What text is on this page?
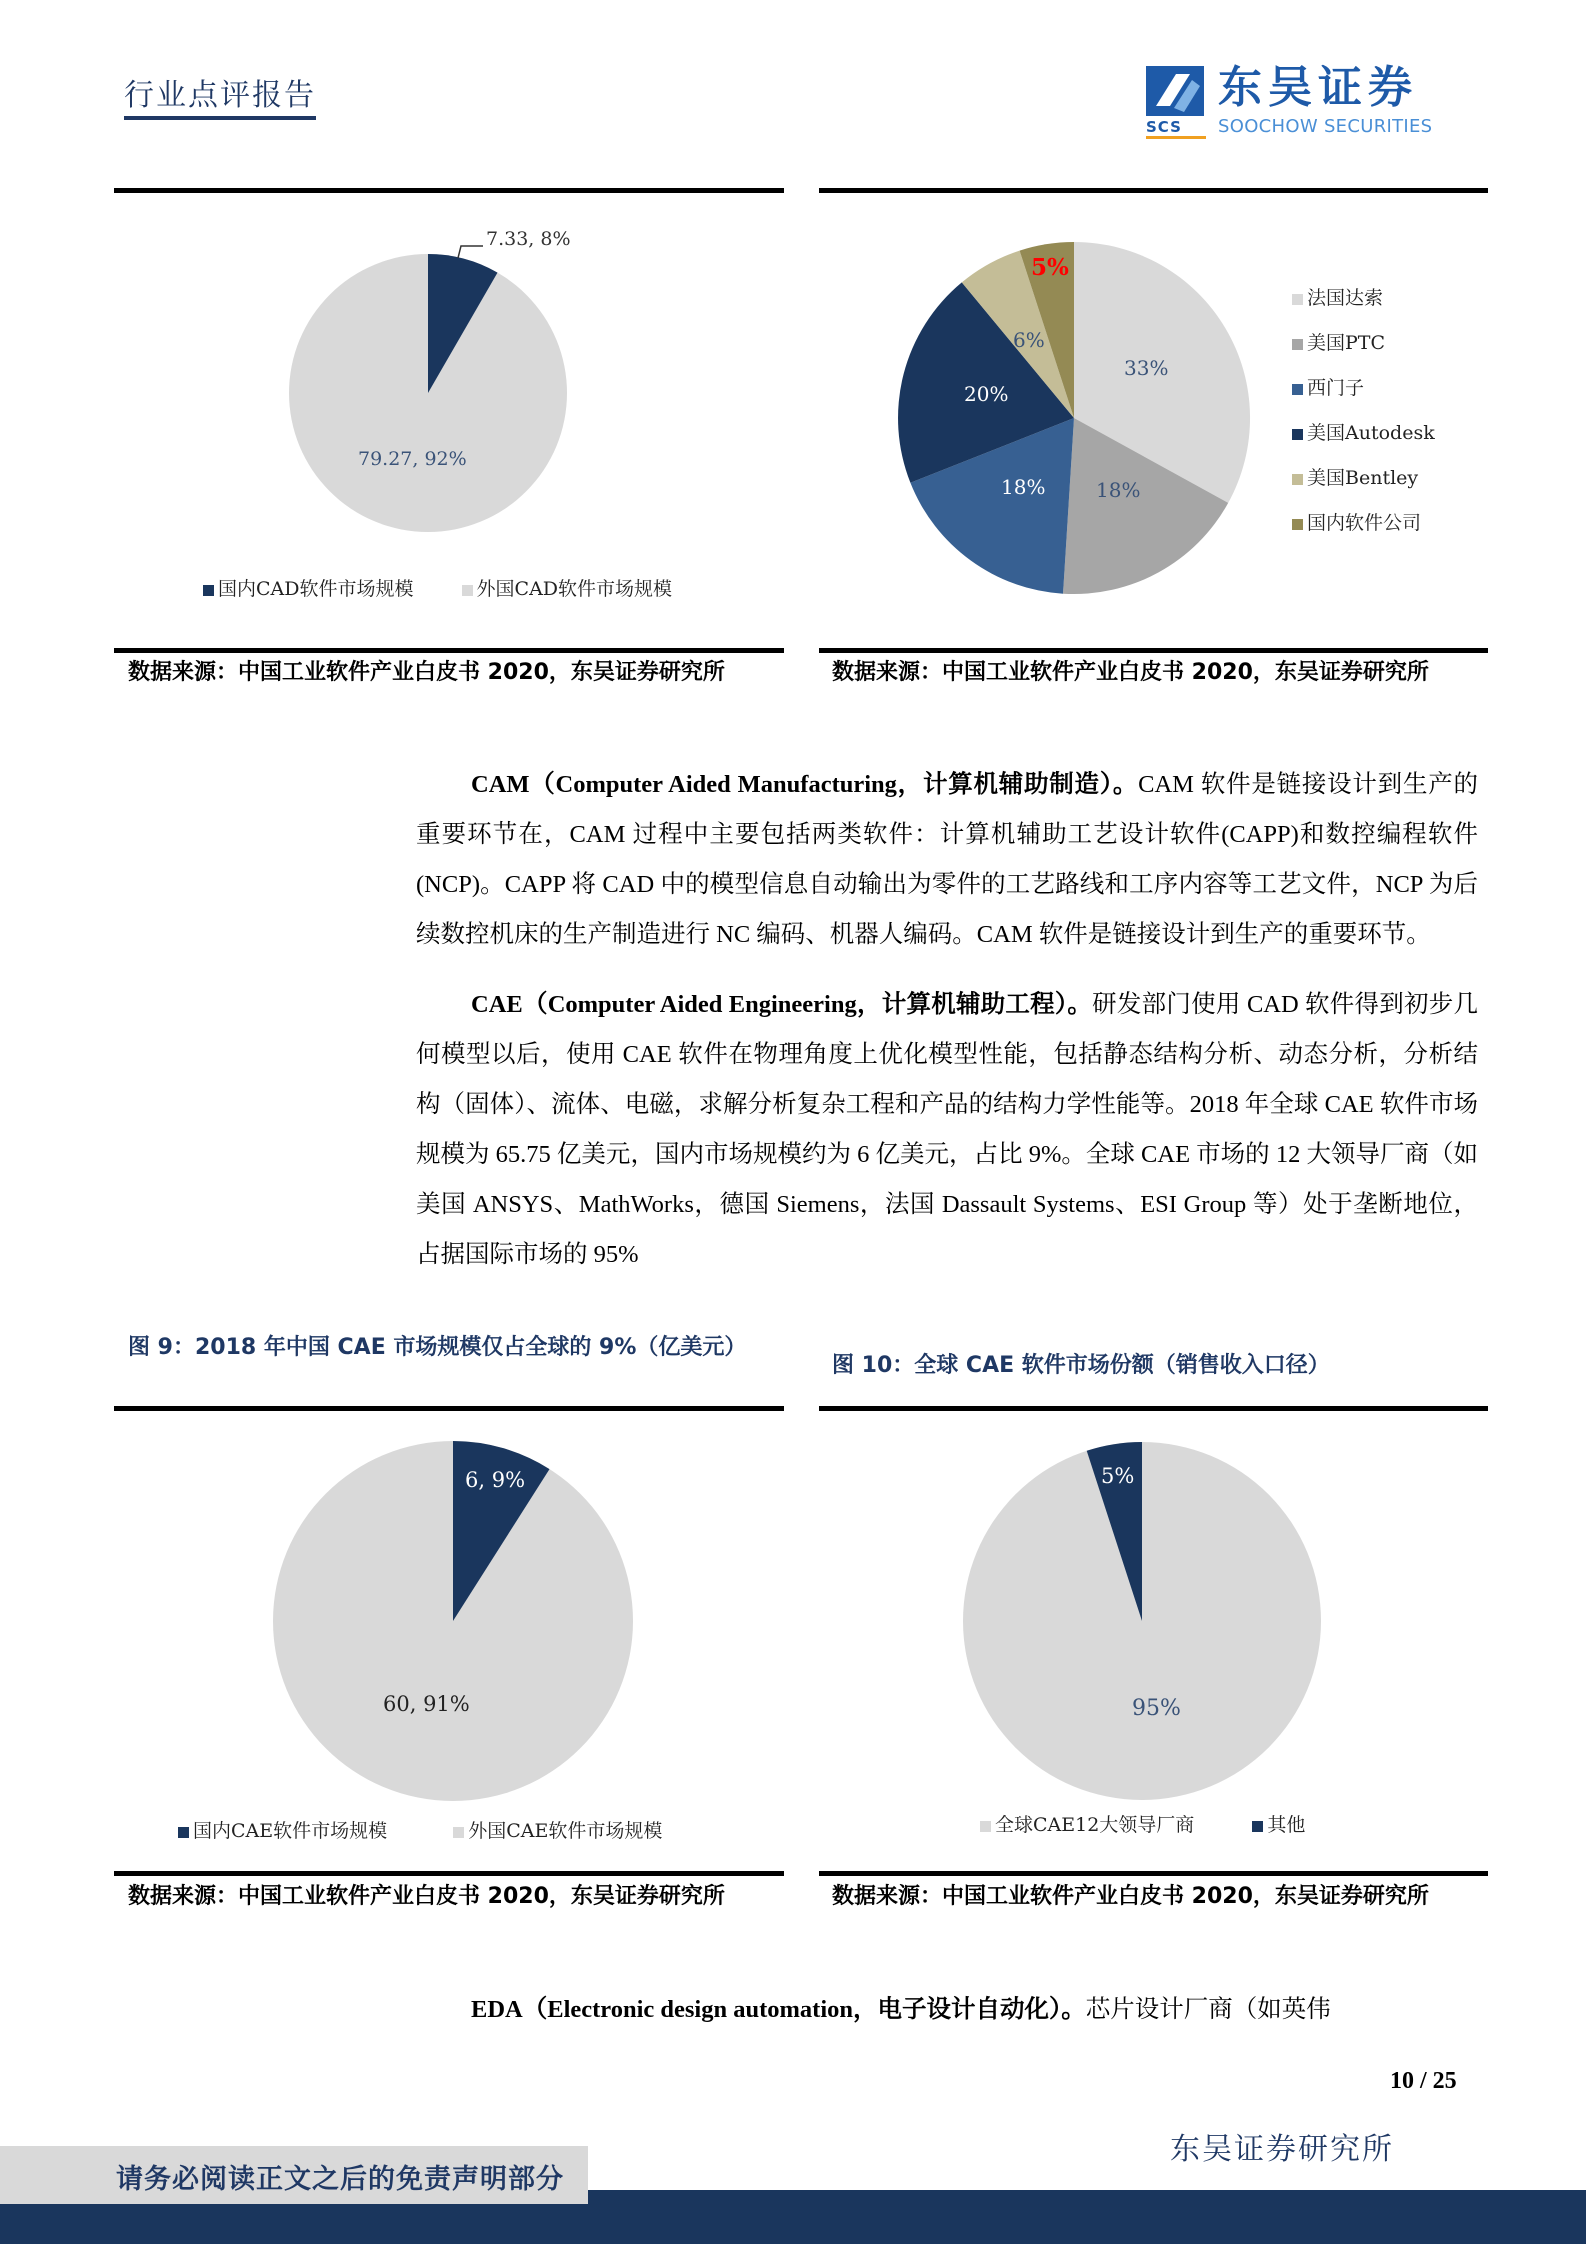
行业点评报告
SCS
东吴证券
SOOCHOW SECURITIES
7.33, 8%
79.27, 92%
国内CAD软件市场规模	外国CAD软件市场规模
33%
18%
18%
20%
6%
5%
法国达索
美国PTC
西门子
美国Autodesk
美国Bentley
国内软件公司
数据来源：中国工业软件产业白皮书 2020，东吴证券研究所	数据来源：中国工业软件产业白皮书 2020，东吴证券研究所

CAM（Computer Aided Manufacturing，计算机辅助制造）。CAM 软件是链接设计到生产的重要环节在，CAM 过程中主要包括两类软件：计算机辅助工艺设计软件(CAPP)和数控编程软件(NCP)。CAPP 将 CAD 中的模型信息自动输出为零件的工艺路线和工序内容等工艺文件，NCP 为后续数控机床的生产制造进行 NC 编码、机器人编码。CAM 软件是链接设计到生产的重要环节。

CAE（Computer Aided Engineering，计算机辅助工程）。研发部门使用 CAD 软件得到初步几何模型以后，使用 CAE 软件在物理角度上优化模型性能，包括静态结构分析、动态分析，分析结构（固体）、流体、电磁，求解分析复杂工程和产品的结构力学性能等。2018 年全球 CAE 软件市场规模为 65.75 亿美元，国内市场规模约为 6 亿美元，占比 9%。全球 CAE 市场的 12 大领导厂商（如美国 ANSYS、MathWorks，德国 Siemens，法国 Dassault Systems、ESI Group 等）处于垄断地位，占据国际市场的 95%

图 9：2018 年中国 CAE 市场规模仅占全球的 9%（亿美元）
图 10：全球 CAE 软件市场份额（销售收入口径）
6, 9%
60, 91%
国内CAE软件市场规模	外国CAE软件市场规模
5%
95%
全球CAE12大领导厂商	其他
数据来源：中国工业软件产业白皮书 2020，东吴证券研究所	数据来源：中国工业软件产业白皮书 2020，东吴证券研究所

EDA（Electronic design automation，电子设计自动化）。芯片设计厂商（如英伟

10 / 25
东吴证券研究所
请务必阅读正文之后的免责声明部分
